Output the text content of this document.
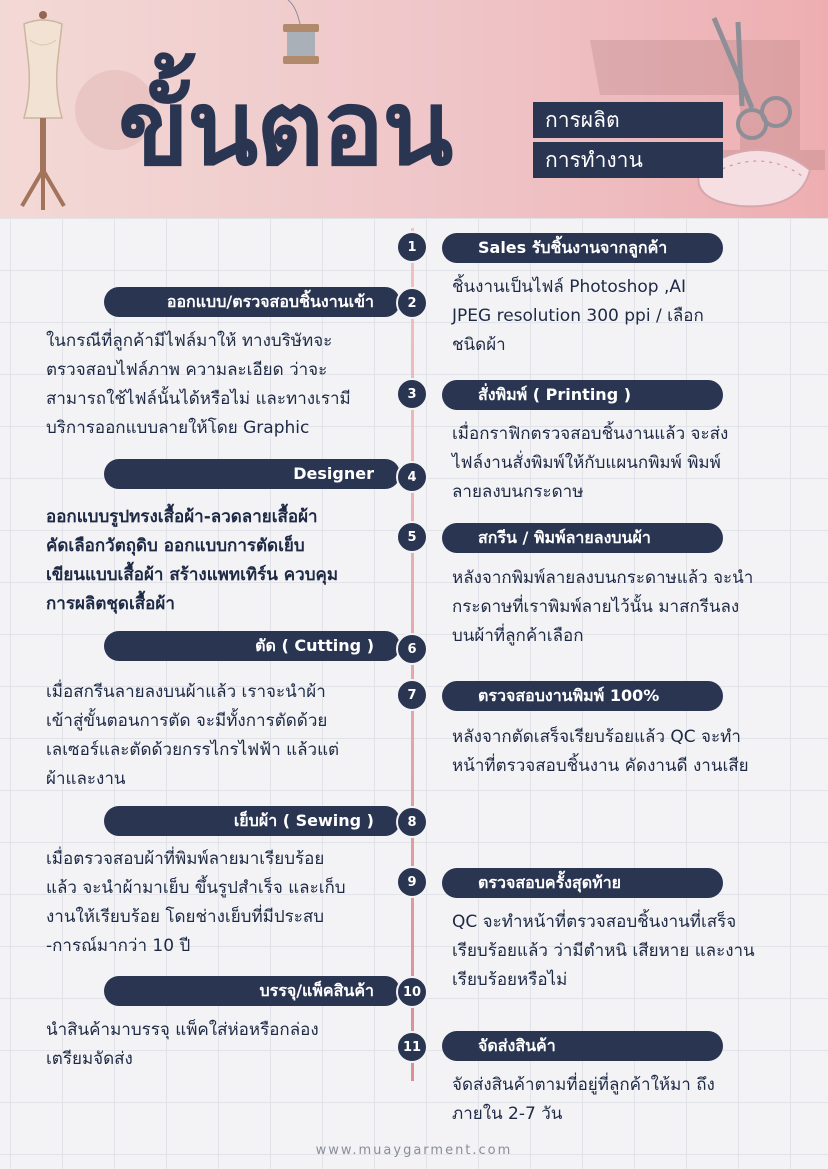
ขั้นตอน	การผลิต
การทำงาน
Sales รับชิ้นงานจากลูกค้า
1
ชิ้นงานเป็นไฟล์ Photoshop ,AI
JPEG resolution 300 ppi / เลือก
ชนิดผ้า
ออกแบบ/ตรวจสอบชิ้นงานเข้า	2
ในกรณีที่ลูกค้ามีไฟล์มาให้ ทางบริษัทจะ
ตรวจสอบไฟล์ภาพ ความละเอียด ว่าจะ
สามารถใช้ไฟล์นั้นได้หรือไม่ และทางเรามี
บริการออกแบบลายให้โดย Graphic
สั่งพิมพ์ ( Printing )
3
เมื่อกราฟิกตรวจสอบชิ้นงานแล้ว จะส่ง
ไฟล์งานสั่งพิมพ์ให้กับแผนกพิมพ์ พิมพ์
ลายลงบนกระดาษ
Designer	4
ออกแบบรูปทรงเสื้อผ้า-ลวดลายเสื้อผ้า
คัดเลือกวัตถุดิบ ออกแบบการตัดเย็บ
เขียนแบบเสื้อผ้า สร้างแพทเทิร์น ควบคุม
การผลิตชุดเสื้อผ้า
สกรีน / พิมพ์ลายลงบนผ้า
5
หลังจากพิมพ์ลายลงบนกระดาษแล้ว จะนำ
กระดาษที่เราพิมพ์ลายไว้นั้น มาสกรีนลง
บนผ้าที่ลูกค้าเลือก
ตัด ( Cutting )	6
เมื่อสกรีนลายลงบนผ้าแล้ว เราจะนำผ้า
เข้าสู่ขั้นตอนการตัด จะมีทั้งการตัดด้วย
เลเซอร์และตัดด้วยกรรไกรไฟฟ้า แล้วแต่
ผ้าและงาน
ตรวจสอบงานพิมพ์ 100%
7
หลังจากตัดเสร็จเรียบร้อยแล้ว QC จะทำ
หน้าที่ตรวจสอบชิ้นงาน คัดงานดี งานเสีย
เย็บผ้า ( Sewing )	8
เมื่อตรวจสอบผ้าที่พิมพ์ลายมาเรียบร้อย
แล้ว จะนำผ้ามาเย็บ ขึ้นรูปสำเร็จ และเก็บ
งานให้เรียบร้อย โดยช่างเย็บที่มีประสบ
-การณ์มากว่า 10 ปี
ตรวจสอบครั้งสุดท้าย
9
QC จะทำหน้าที่ตรวจสอบชิ้นงานที่เสร็จ
เรียบร้อยแล้ว ว่ามีตำหนิ เสียหาย และงาน
เรียบร้อยหรือไม่
บรรจุ/แพ็คสินค้า	10
นำสินค้ามาบรรจุ แพ็คใส่ห่อหรือกล่อง
เตรียมจัดส่ง
จัดส่งสินค้า
11
จัดส่งสินค้าตามที่อยู่ที่ลูกค้าให้มา ถึง
ภายใน 2-7 วัน
www.muaygarment.com
